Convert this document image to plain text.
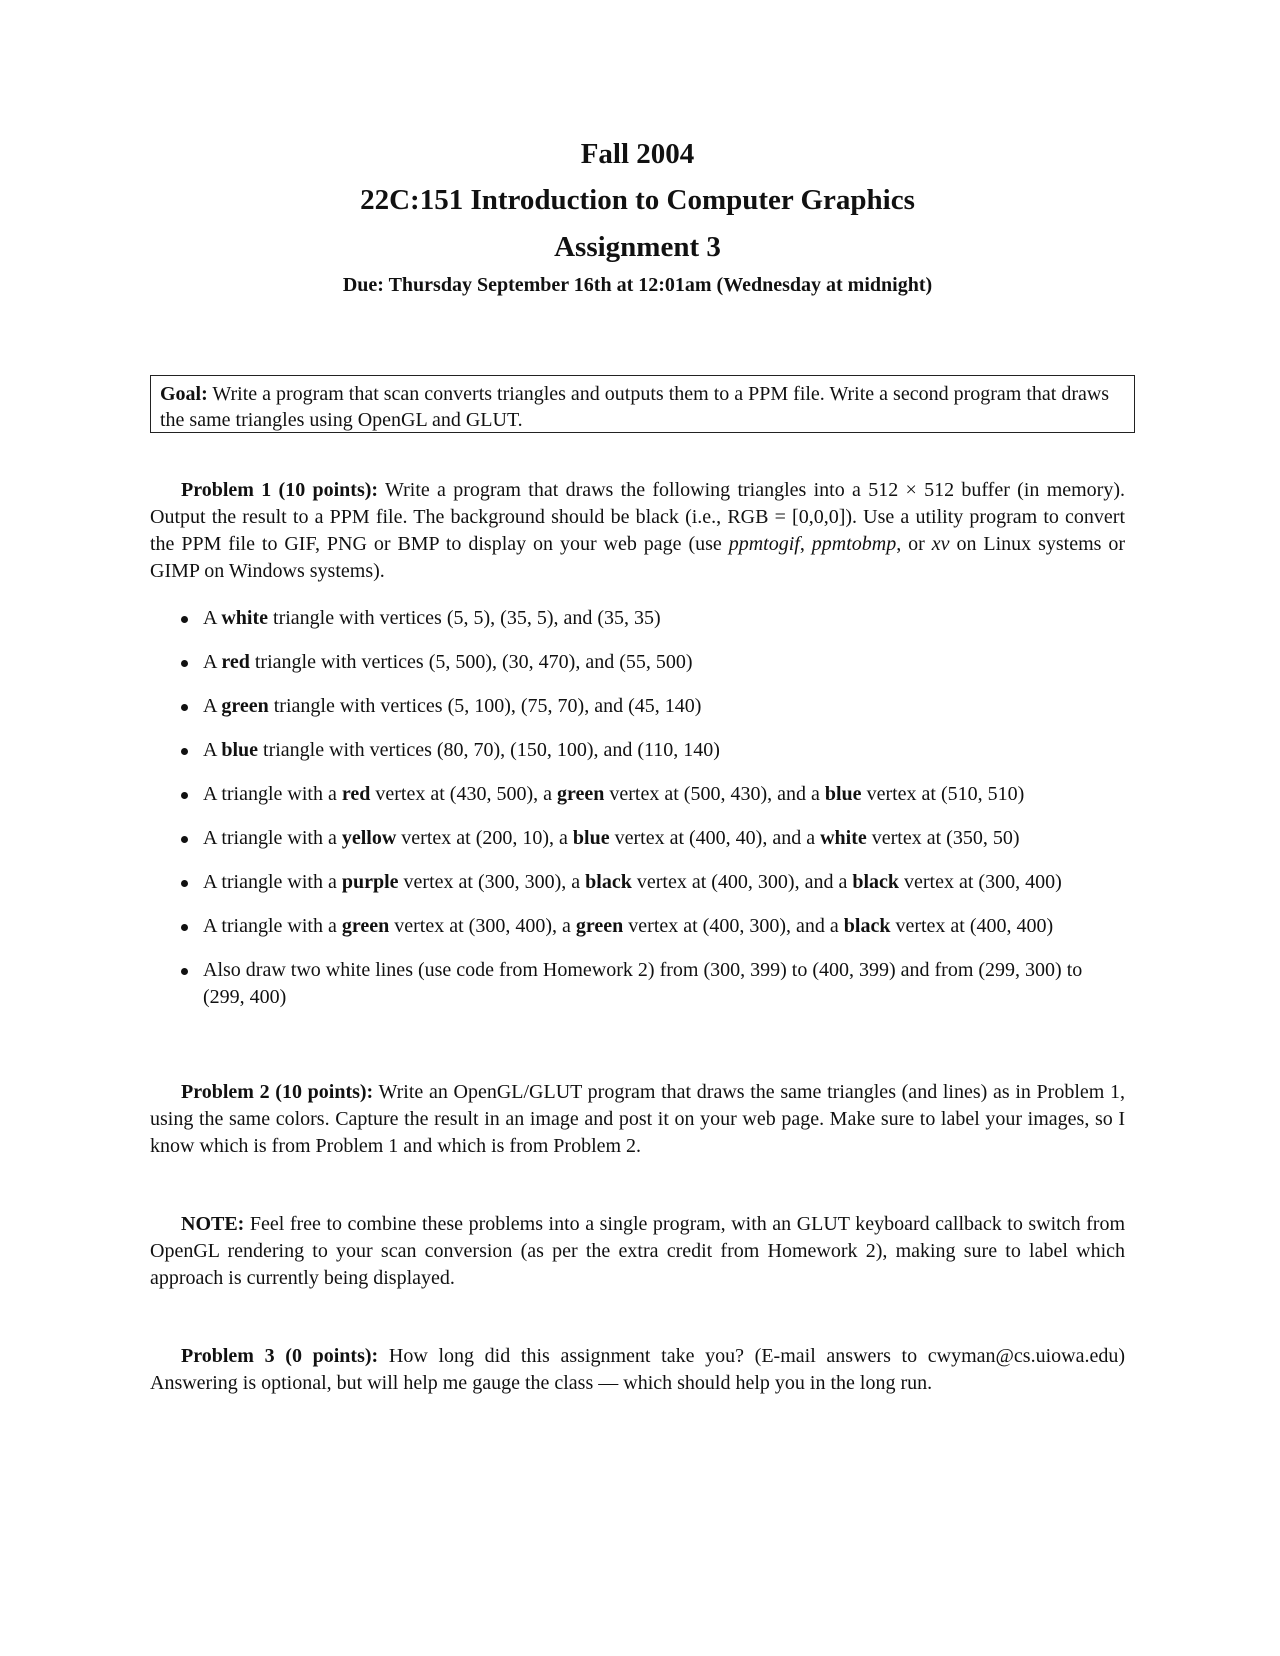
Fall 2004
22C:151 Introduction to Computer Graphics
Assignment 3
Due: Thursday September 16th at 12:01am (Wednesday at midnight)
Goal: Write a program that scan converts triangles and outputs them to a PPM file. Write a second program that draws the same triangles using OpenGL and GLUT.
Problem 1 (10 points): Write a program that draws the following triangles into a 512 × 512 buffer (in memory). Output the result to a PPM file. The background should be black (i.e., RGB = [0,0,0]). Use a utility program to convert the PPM file to GIF, PNG or BMP to display on your web page (use ppmtogif, ppmtobmp, or xv on Linux systems or GIMP on Windows systems).
A white triangle with vertices (5, 5), (35, 5), and (35, 35)
A red triangle with vertices (5, 500), (30, 470), and (55, 500)
A green triangle with vertices (5, 100), (75, 70), and (45, 140)
A blue triangle with vertices (80, 70), (150, 100), and (110, 140)
A triangle with a red vertex at (430, 500), a green vertex at (500, 430), and a blue vertex at (510, 510)
A triangle with a yellow vertex at (200, 10), a blue vertex at (400, 40), and a white vertex at (350, 50)
A triangle with a purple vertex at (300, 300), a black vertex at (400, 300), and a black vertex at (300, 400)
A triangle with a green vertex at (300, 400), a green vertex at (400, 300), and a black vertex at (400, 400)
Also draw two white lines (use code from Homework 2) from (300, 399) to (400, 399) and from (299, 300) to (299, 400)
Problem 2 (10 points): Write an OpenGL/GLUT program that draws the same triangles (and lines) as in Problem 1, using the same colors. Capture the result in an image and post it on your web page. Make sure to label your images, so I know which is from Problem 1 and which is from Problem 2.
NOTE: Feel free to combine these problems into a single program, with an GLUT keyboard callback to switch from OpenGL rendering to your scan conversion (as per the extra credit from Homework 2), making sure to label which approach is currently being displayed.
Problem 3 (0 points): How long did this assignment take you? (E-mail answers to cwyman@cs.uiowa.edu) Answering is optional, but will help me gauge the class — which should help you in the long run.
